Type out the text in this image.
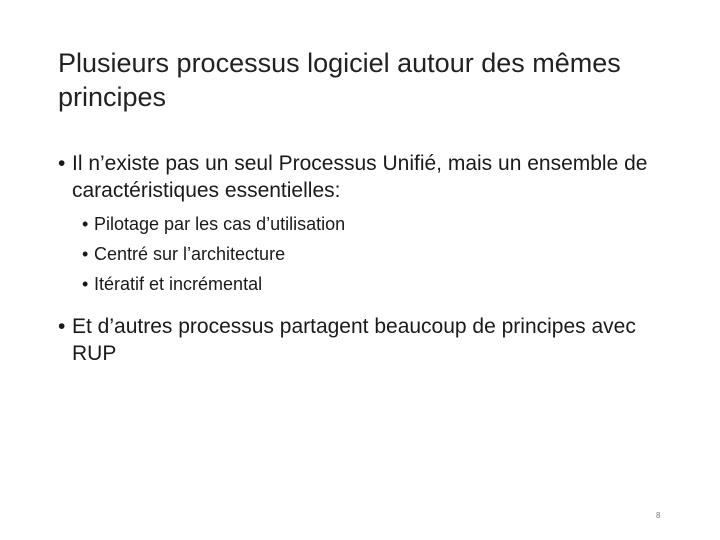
Plusieurs processus logiciel autour des mêmes principes
• Il n’existe pas un seul Processus Unifié, mais un ensemble de caractéristiques essentielles:
• Pilotage par les cas d’utilisation
• Centré sur l’architecture
• Itératif et incrémental
• Et d’autres processus partagent beaucoup de principes avec RUP
8
